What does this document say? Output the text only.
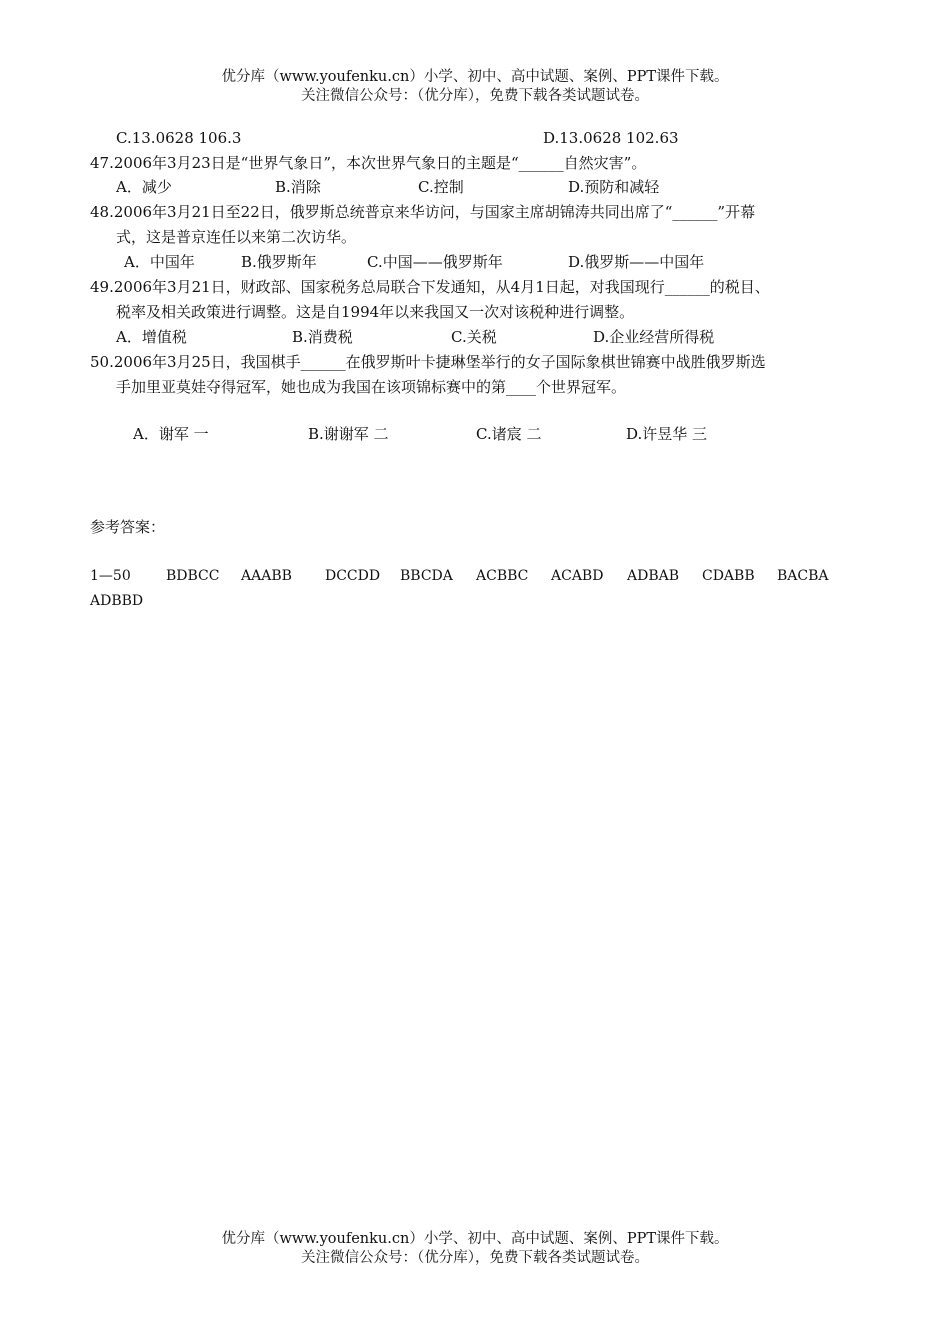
优分库（www.youfenku.cn）小学、初中、高中试题、案例、PPT课件下载。
关注微信公众号：（优分库），免费下载各类试题试卷。
C.13.0628 106.3	D.13.0628 102.63
47.2006年3月23日是“世界气象日”，本次世界气象日的主题是“______自然灾害”。
A．减少	B.消除	C.控制	D.预防和减轻
48.2006年3月21日至22日，俄罗斯总统普京来华访问，与国家主席胡锦涛共同出席了“______”开幕
式，这是普京连任以来第二次访华。
A．中国年	B.俄罗斯年	C.中国——俄罗斯年	D.俄罗斯——中国年
49.2006年3月21日，财政部、国家税务总局联合下发通知，从4月1日起，对我国现行______的税目、
税率及相关政策进行调整。这是自1994年以来我国又一次对该税种进行调整。
A．增值税	B.消费税	C.关税	D.企业经营所得税
50.2006年3月25日，我国棋手______在俄罗斯叶卡捷琳堡举行的女子国际象棋世锦赛中战胜俄罗斯选
手加里亚莫娃夺得冠军，她也成为我国在该项锦标赛中的第____个世界冠军。
A．谢军 一	B.谢谢军 二	C.诸宸 二	D.许昱华 三
参考答案：
1—50	BDBCC AAABB DCCDD BBCDA ACBBC ACABD ADBAB CDABB BACBA
ADBBD
优分库（www.youfenku.cn）小学、初中、高中试题、案例、PPT课件下载。
关注微信公众号：（优分库），免费下载各类试题试卷。
